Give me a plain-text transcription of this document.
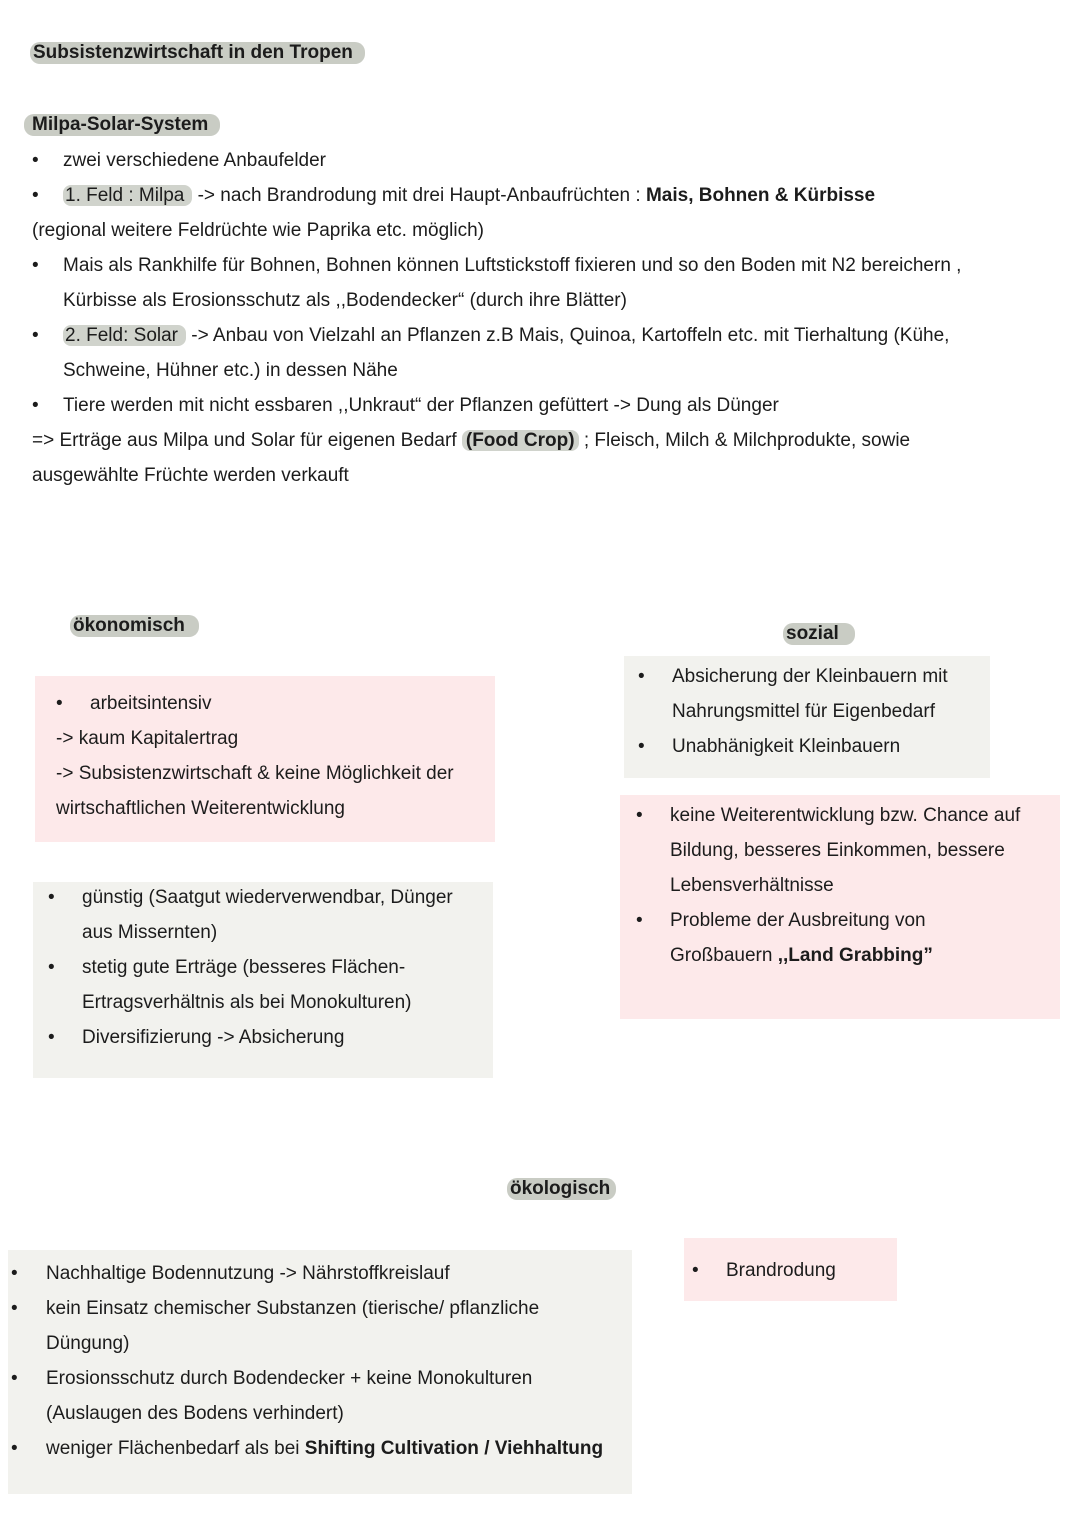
Subsistenzwirtschaft in den Tropen
Milpa-Solar-System
• zwei verschiedene Anbaufelder
• 1. Feld : Milpa -> nach Brandrodung mit drei Haupt-Anbaufrüchten : Mais, Bohnen & Kürbisse
(regional weitere Feldrüchte wie Paprika etc. möglich)
• Mais als Rankhilfe für Bohnen, Bohnen können Luftstickstoff fixieren und so den Boden mit N2 bereichern ,
Kürbisse als Erosionsschutz als ,,Bodendecker“ (durch ihre Blätter)
• 2. Feld: Solar -> Anbau von Vielzahl an Pflanzen z.B Mais, Quinoa, Kartoffeln etc. mit Tierhaltung (Kühe,
Schweine, Hühner etc.) in dessen Nähe
• Tiere werden mit nicht essbaren ,,Unkraut“ der Pflanzen gefüttert -> Dung als Dünger
=> Erträge aus Milpa und Solar für eigenen Bedarf (Food Crop) ; Fleisch, Milch & Milchprodukte, sowie
ausgewählte Früchte werden verkauft
ökonomisch
• arbeitsintensiv
-> kaum Kapitalertrag
-> Subsistenzwirtschaft & keine Möglichkeit der
wirtschaftlichen Weiterentwicklung
• günstig (Saatgut wiederverwendbar, Dünger
aus Missernten)
• stetig gute Erträge (besseres Flächen-
Ertragsverhältnis als bei Monokulturen)
• Diversifizierung -> Absicherung
sozial
• Absicherung der Kleinbauern mit
Nahrungsmittel für Eigenbedarf
• Unabhänigkeit Kleinbauern
• keine Weiterentwicklung bzw. Chance auf
Bildung, besseres Einkommen, bessere
Lebensverhältnisse
• Probleme der Ausbreitung von
Großbauern ,,Land Grabbing”
ökologisch
• Nachhaltige Bodennutzung -> Nährstoffkreislauf
• kein Einsatz chemischer Substanzen (tierische/ pflanzliche
Düngung)
• Erosionsschutz durch Bodendecker + keine Monokulturen
(Auslaugen des Bodens verhindert)
• weniger Flächenbedarf als bei Shifting Cultivation / Viehhaltung
• Brandrodung
